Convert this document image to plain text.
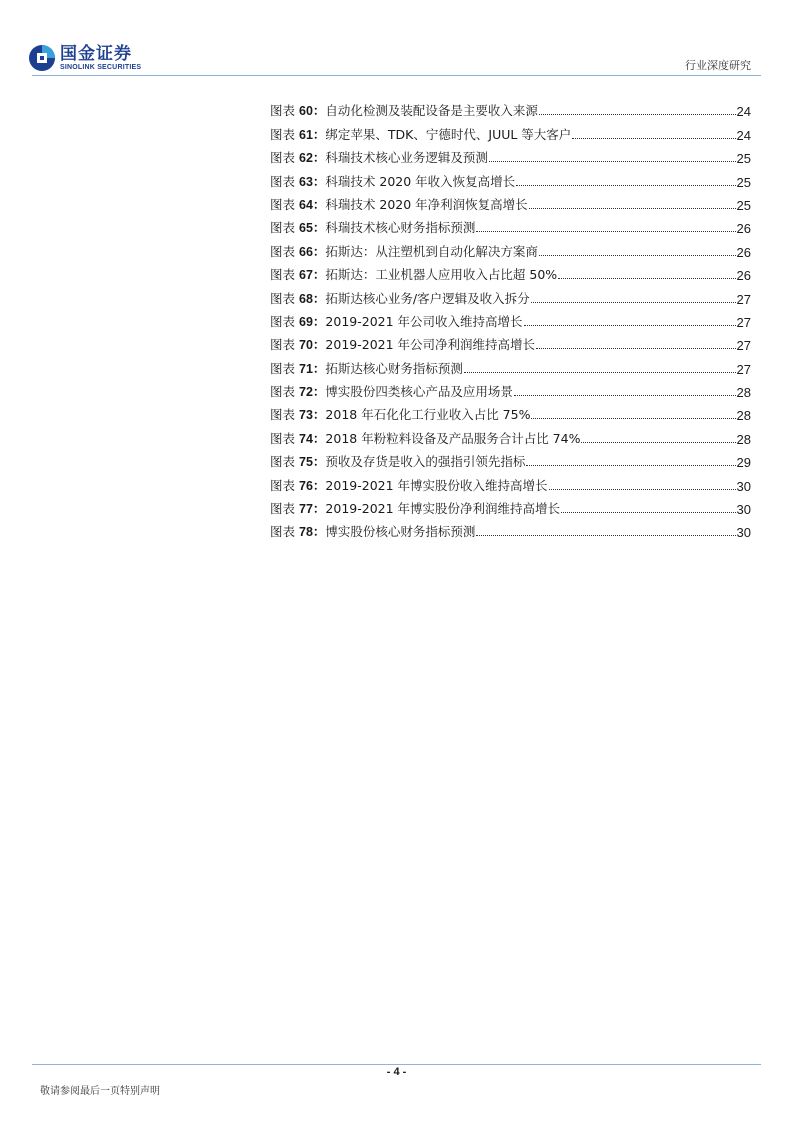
国金证券
SINOLINK SECURITIES	行业深度研究
图表 60： 自动化检测及装配设备是主要收入来源	24
图表 61： 绑定苹果、TDK、宁德时代、JUUL 等大客户	24
图表 62： 科瑞技术核心业务逻辑及预测	25
图表 63： 科瑞技术 2020 年收入恢复高增长	25
图表 64： 科瑞技术 2020 年净利润恢复高增长	25
图表 65： 科瑞技术核心财务指标预测	26
图表 66： 拓斯达：从注塑机到自动化解决方案商	26
图表 67： 拓斯达：工业机器人应用收入占比超 50%	26
图表 68： 拓斯达核心业务/客户逻辑及收入拆分	27
图表 69： 2019-2021 年公司收入维持高增长	27
图表 70： 2019-2021 年公司净利润维持高增长	27
图表 71： 拓斯达核心财务指标预测	27
图表 72： 博实股份四类核心产品及应用场景	28
图表 73： 2018 年石化化工行业收入占比 75%	28
图表 74： 2018 年粉粒料设备及产品服务合计占比 74%	28
图表 75： 预收及存货是收入的强指引领先指标	29
图表 76： 2019-2021 年博实股份收入维持高增长	30
图表 77： 2019-2021 年博实股份净利润维持高增长	30
图表 78： 博实股份核心财务指标预测	30
- 4 -
敬请参阅最后一页特别声明
